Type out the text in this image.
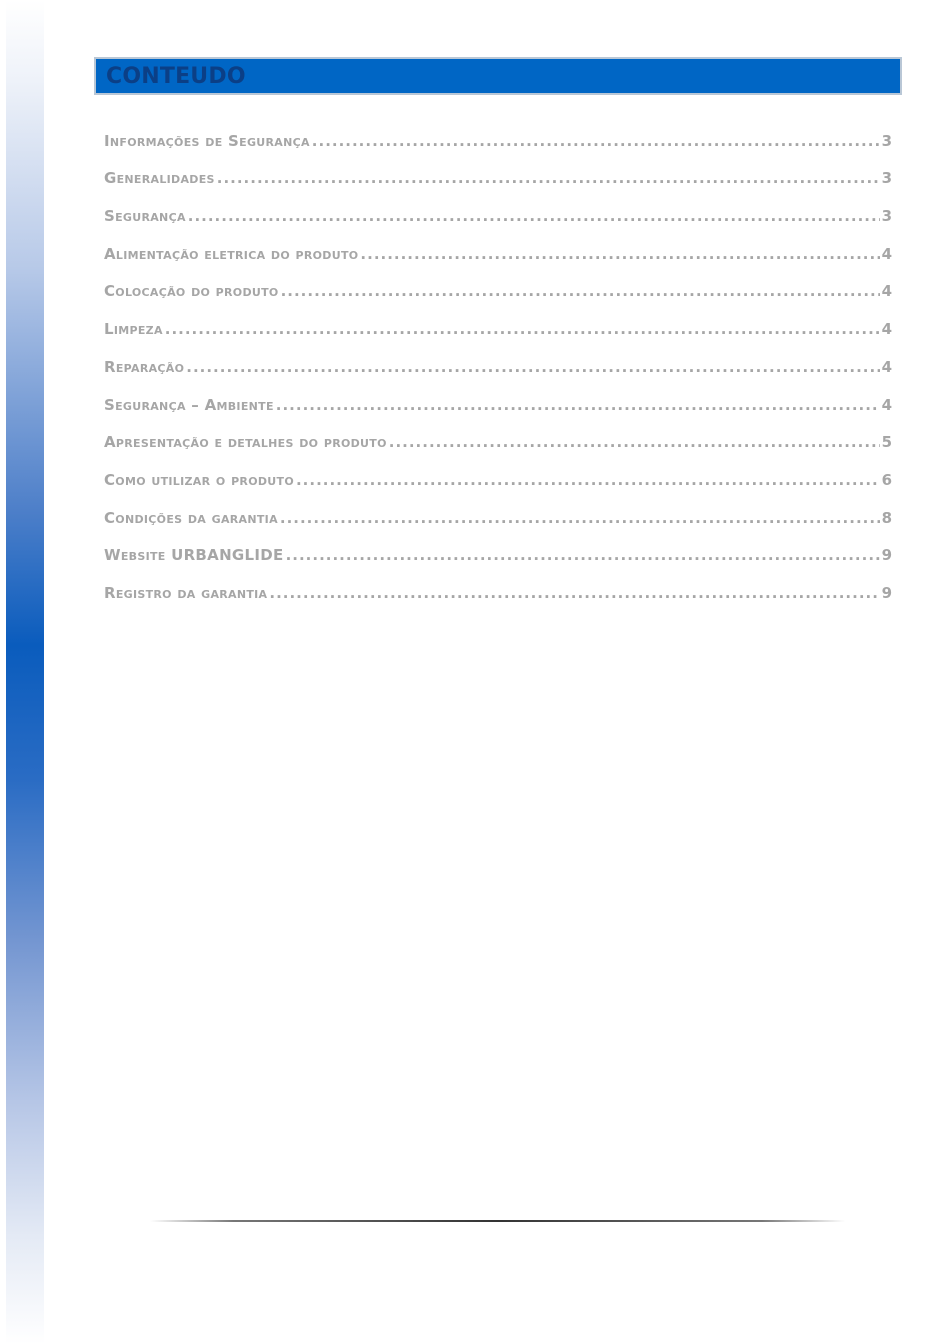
CONTEUDO
Informações de Segurança .....	3
Generalidades .....	3
Segurança .....	3
Alimentação eletrica do produto .....	4
Colocação do produto .....	4
Limpeza .....	4
Reparação .....	4
Segurança – Ambiente .....	4
Apresentação e detalhes do produto .....	5
Como utilizar o produto .....	6
Condições da garantia .....	8
Website URBANGLIDE .....	9
Registro da garantia .....	9
